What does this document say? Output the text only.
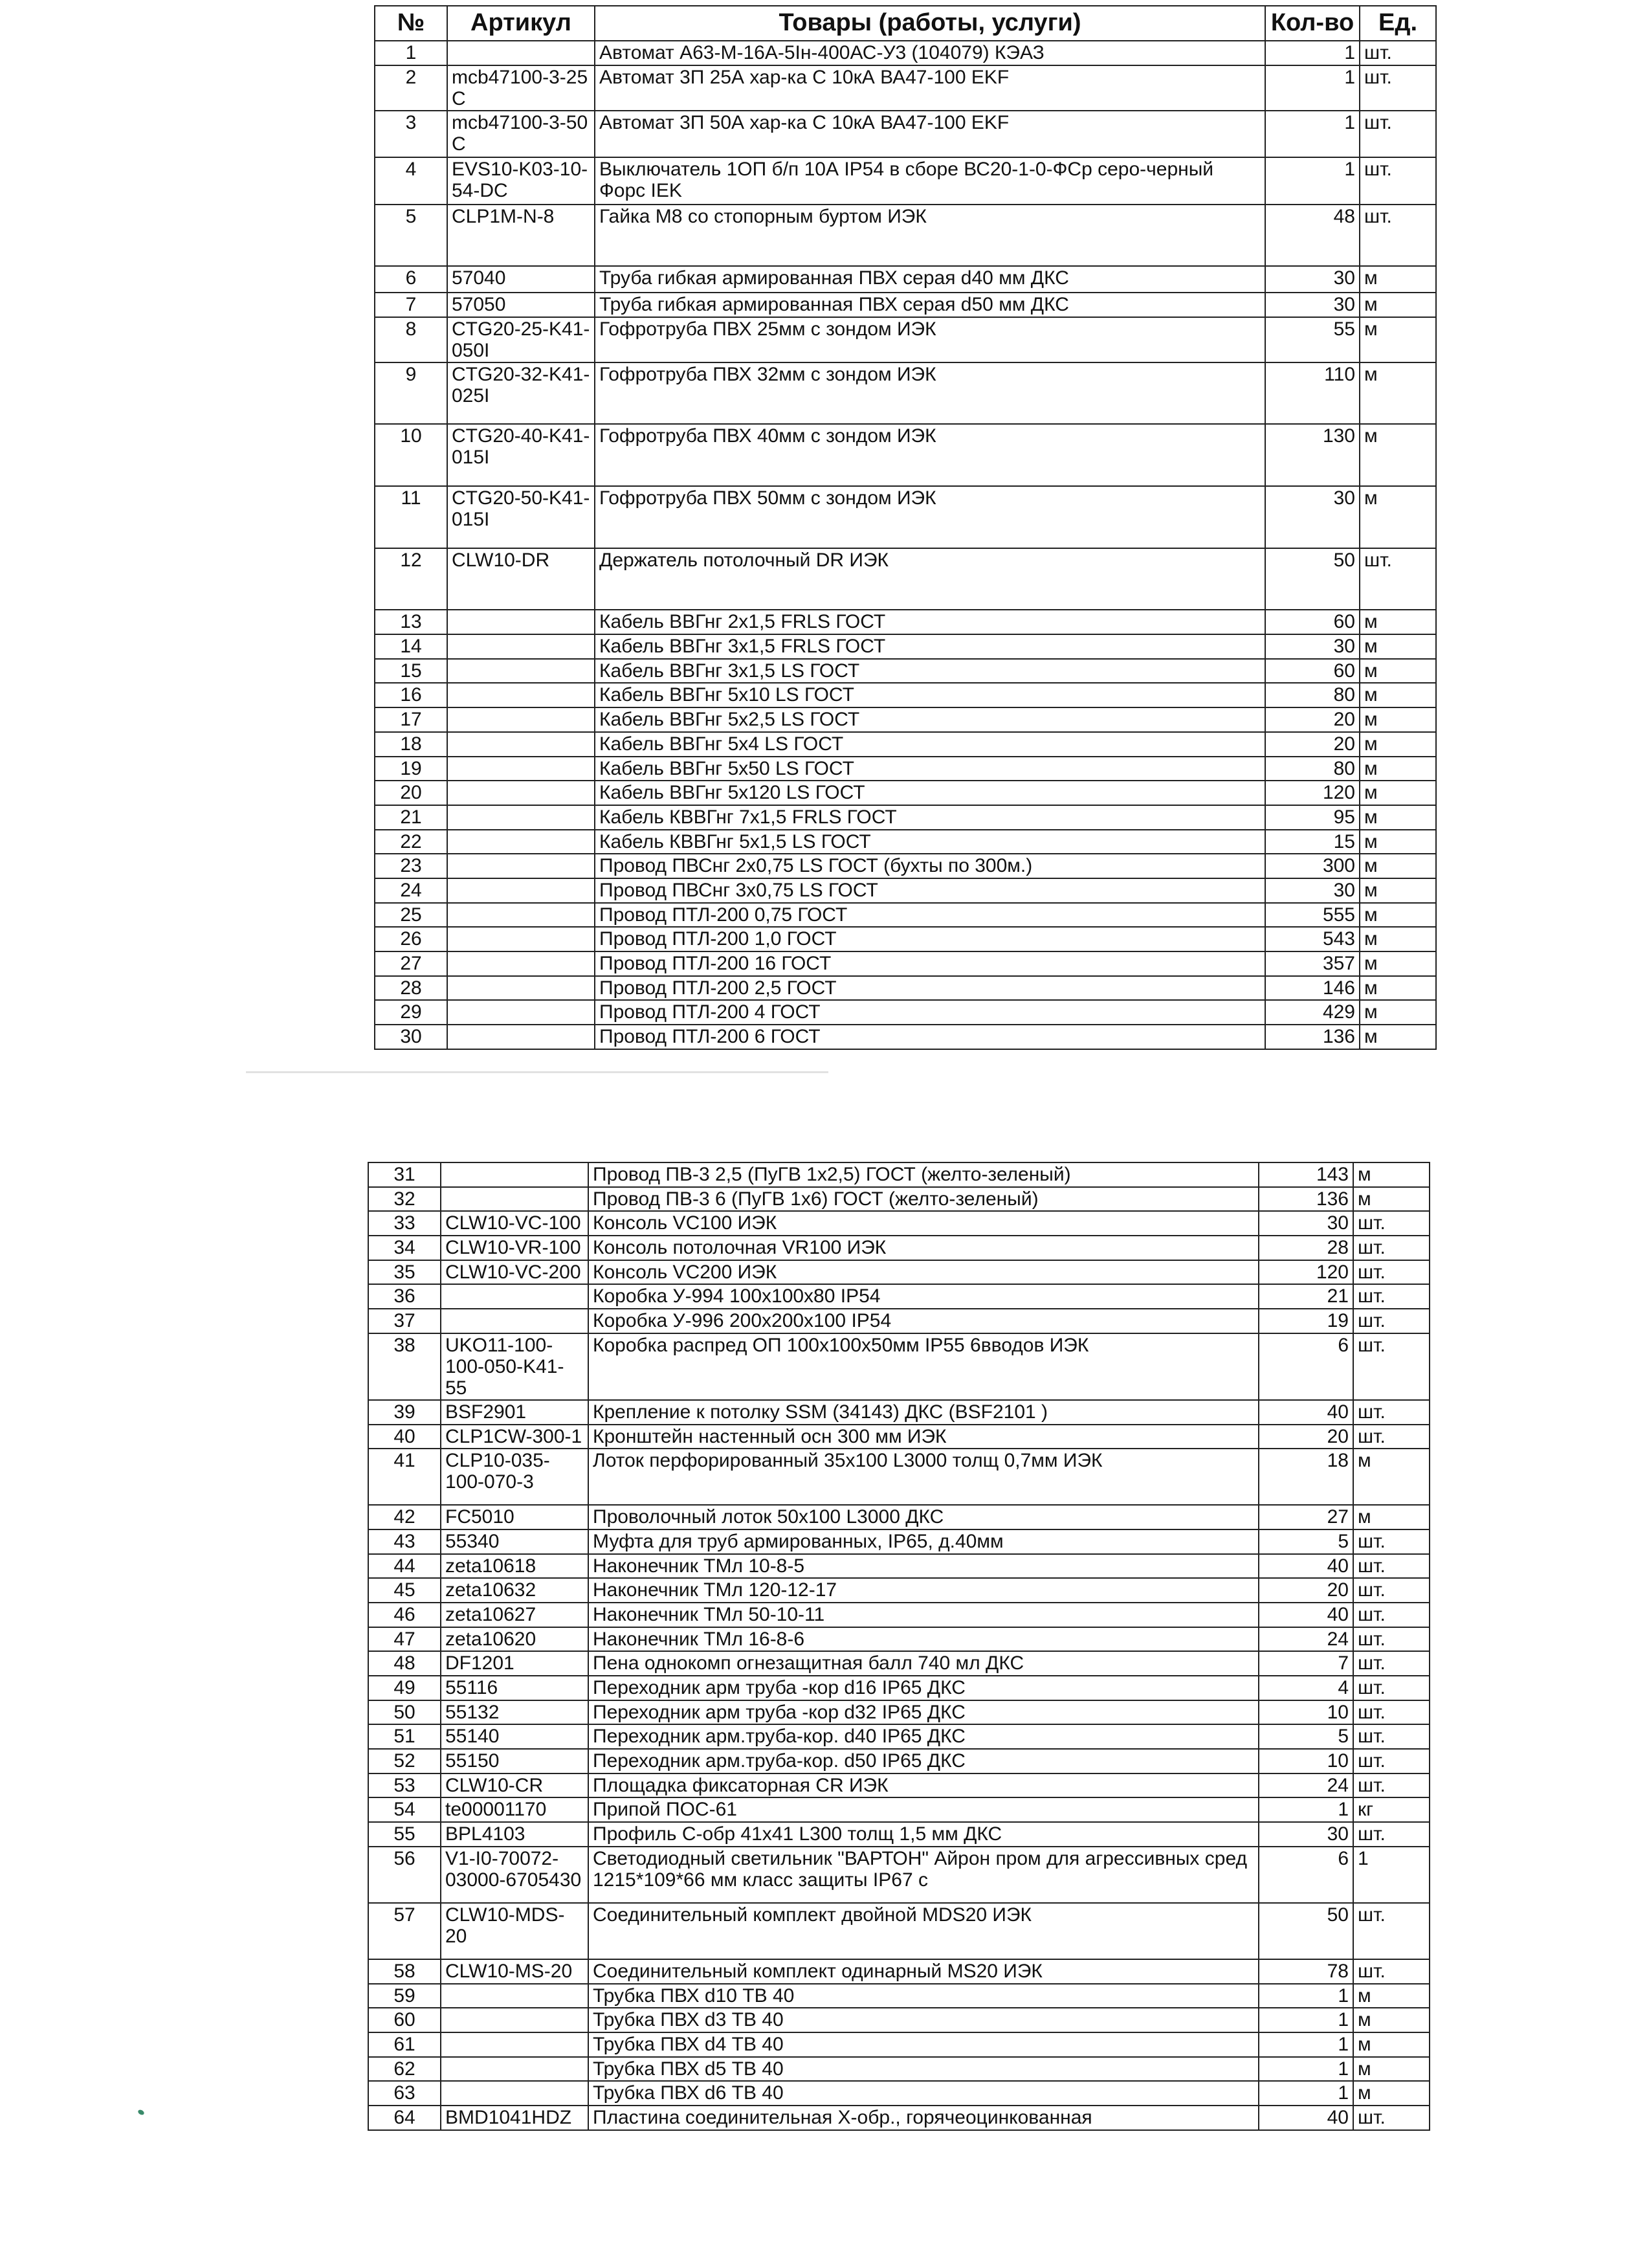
№	Артикул	Товары (работы, услуги)	Кол-во	Ед.
1		Автомат А63-М-16А-5Iн-400АС-У3 (104079) КЭАЗ	1	шт.
2	mcb47100-3-25 C	Автомат 3П 25А хар-ка С 10кА ВА47-100 EKF	1	шт.
3	mcb47100-3-50 C	Автомат 3П 50А хар-ка С 10кА ВА47-100 EKF	1	шт.
4	EVS10-K03-10-54-DC	Выключатель 1ОП б/п 10А IP54 в сборе ВС20-1-0-ФСр серо-черный Форс IEK	1	шт.
5	CLP1M-N-8	Гайка М8 со стопорным буртом ИЭК	48	шт.
6	57040	Труба гибкая армированная ПВХ серая d40 мм ДКС	30	м
7	57050	Труба гибкая армированная ПВХ серая d50 мм ДКС	30	м
8	CTG20-25-K41-050I	Гофротруба ПВХ 25мм с зондом ИЭК	55	м
9	CTG20-32-K41-025I	Гофротруба ПВХ 32мм с зондом ИЭК	110	м
10	CTG20-40-K41-015I	Гофротруба ПВХ 40мм с зондом ИЭК	130	м
11	CTG20-50-K41-015I	Гофротруба ПВХ 50мм с зондом ИЭК	30	м
12	CLW10-DR	Держатель потолочный DR ИЭК	50	шт.
13		Кабель ВВГнг 2х1,5 FRLS ГОСТ	60	м
14		Кабель ВВГнг 3х1,5 FRLS ГОСТ	30	м
15		Кабель ВВГнг 3х1,5 LS ГОСТ	60	м
16		Кабель ВВГнг 5х10 LS ГОСТ	80	м
17		Кабель ВВГнг 5х2,5 LS ГОСТ	20	м
18		Кабель ВВГнг 5х4 LS ГОСТ	20	м
19		Кабель ВВГнг 5х50 LS ГОСТ	80	м
20		Кабель ВВГнг 5х120 LS ГОСТ	120	м
21		Кабель КВВГнг 7х1,5 FRLS ГОСТ	95	м
22		Кабель КВВГнг 5х1,5 LS ГОСТ	15	м
23		Провод ПВСнг 2х0,75 LS ГОСТ (бухты по 300м.)	300	м
24		Провод ПВСнг 3х0,75 LS ГОСТ	30	м
25		Провод ПТЛ-200 0,75 ГОСТ	555	м
26		Провод ПТЛ-200 1,0 ГОСТ	543	м
27		Провод ПТЛ-200 16 ГОСТ	357	м
28		Провод ПТЛ-200 2,5 ГОСТ	146	м
29		Провод ПТЛ-200 4 ГОСТ	429	м
30		Провод ПТЛ-200 6 ГОСТ	136	м
31		Провод ПВ-3 2,5 (ПуГВ 1х2,5) ГОСТ (желто-зеленый)	143	м
32		Провод ПВ-3 6 (ПуГВ 1х6) ГОСТ (желто-зеленый)	136	м
33	CLW10-VC-100	Консоль VC100 ИЭК	30	шт.
34	CLW10-VR-100	Консоль потолочная VR100 ИЭК	28	шт.
35	CLW10-VC-200	Консоль VC200 ИЭК	120	шт.
36		Коробка У-994 100х100х80 IP54	21	шт.
37		Коробка У-996 200х200х100 IP54	19	шт.
38	UKO11-100-100-050-K41-55	Коробка распред ОП 100х100х50мм IP55 6вводов ИЭК	6	шт.
39	BSF2901	Крепление к потолку SSM (34143) ДКС (BSF2101 )	40	шт.
40	CLP1CW-300-1	Кронштейн настенный осн 300 мм ИЭК	20	шт.
41	CLP10-035-100-070-3	Лоток перфорированный 35х100 L3000 толщ 0,7мм ИЭК	18	м
42	FC5010	Проволочный лоток 50х100 L3000 ДКС	27	м
43	55340	Муфта для труб армированных, IP65, д.40мм	5	шт.
44	zeta10618	Наконечник ТМл 10-8-5	40	шт.
45	zeta10632	Наконечник ТМл 120-12-17	20	шт.
46	zeta10627	Наконечник ТМл 50-10-11	40	шт.
47	zeta10620	Наконечник ТМл 16-8-6	24	шт.
48	DF1201	Пена однокомп огнезащитная балл 740 мл ДКС	7	шт.
49	55116	Переходник арм труба -кор d16 IP65 ДКС	4	шт.
50	55132	Переходник арм труба -кор d32 IP65 ДКС	10	шт.
51	55140	Переходник арм.труба-кор. d40 IP65 ДКС	5	шт.
52	55150	Переходник арм.труба-кор. d50 IP65 ДКС	10	шт.
53	CLW10-CR	Площадка фиксаторная CR ИЭК	24	шт.
54	te00001170	Припой ПОС-61	1	кг
55	BPL4103	Профиль С-обр 41х41 L300 толщ 1,5 мм ДКС	30	шт.
56	V1-I0-70072-03000-6705430	Светодиодный светильник "ВАРТОН" Айрон пром для агрессивных сред 1215*109*66 мм класс защиты IP67 с	6	1
57	CLW10-MDS-20	Соединительный комплект двойной MDS20 ИЭК	50	шт.
58	CLW10-MS-20	Соединительный комплект одинарный MS20 ИЭК	78	шт.
59		Трубка ПВХ d10 ТВ 40	1	м
60		Трубка ПВХ d3 ТВ 40	1	м
61		Трубка ПВХ d4 ТВ 40	1	м
62		Трубка ПВХ d5 ТВ 40	1	м
63		Трубка ПВХ d6 ТВ 40	1	м
64	BMD1041HDZ	Пластина соединительная Х-обр., горячеоцинкованная	40	шт.
